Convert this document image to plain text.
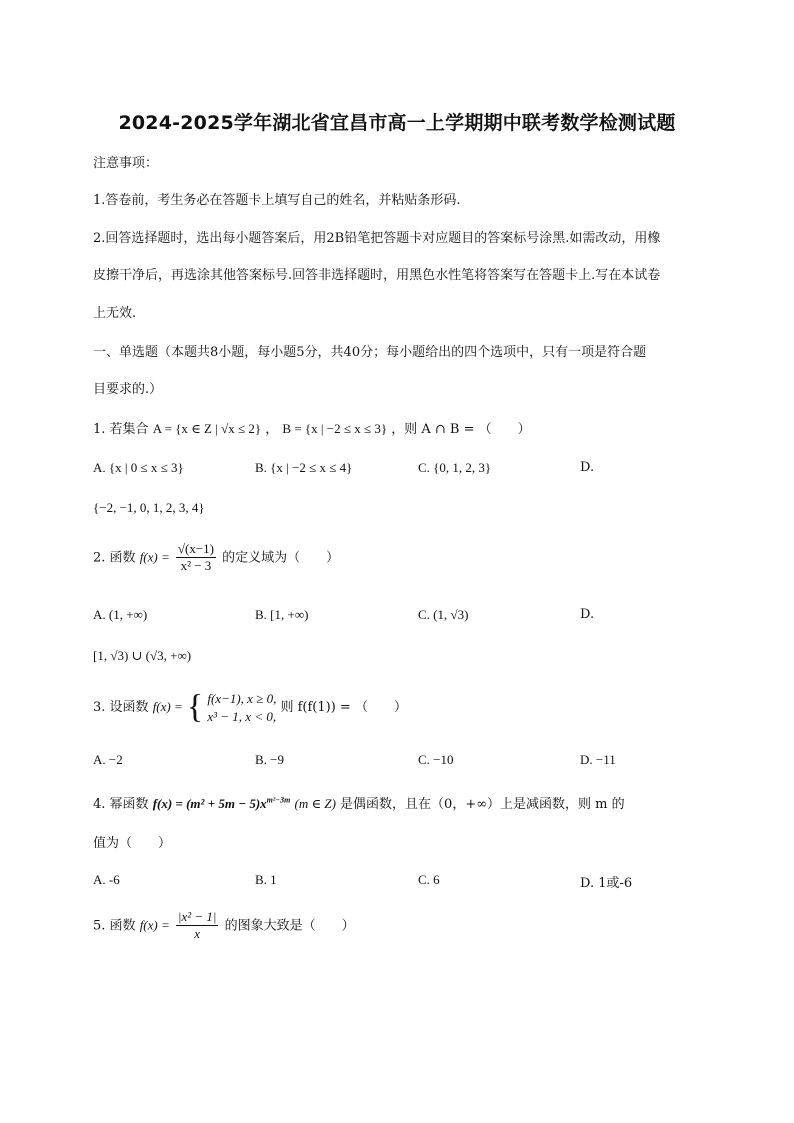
2024-2025学年湖北省宜昌市高一上学期期中联考数学检测试题
注意事项：
1.答卷前，考生务必在答题卡上填写自己的姓名，并粘贴条形码.
2.回答选择题时，选出每小题答案后，用2B铅笔把答题卡对应题目的答案标号涂黑.如需改动，用橡
皮擦干净后，再选涂其他答案标号.回答非选择题时，用黑色水性笔将答案写在答题卡上.写在本试卷
上无效.
一、单选题（本题共8小题，每小题5分，共40分；每小题给出的四个选项中，只有一项是符合题
目要求的.）
1. 若集合 A = {x ∈ Z | √x ≤ 2} ， B = {x | −2 ≤ x ≤ 3} ，则 A ∩ B = （　　）
A. {x | 0 ≤ x ≤ 3}	B. {x | −2 ≤ x ≤ 4}	C. {0, 1, 2, 3}	D.
{−2, −1, 0, 1, 2, 3, 4}
2. 函数 $f(x) = \frac{√(x-1)}{\text{x² − 3}}$ 的定义域为（　　）
A. (1, +∞)	B. [1, +∞)	C. (1, √3)	D.
[1, √3) ∪ (√3, +∞)
3. 设函数 f(x) = { f(x−1), x ≥ 0,
x³ − 1, x < 0,
则 f(f(1)) = （　　）
A. −2	B. −9	C. −10	D. −11
4. 幂函数 $f(x) = (m^2 + 5m - 5)x^{m^2-3m}$ (m ∈ Z) 是偶函数，且在（0，+∞）上是减函数，则 m 的
值为（　　）
A. -6	B. 1	C. 6	D. 1或-6
5. 函数 $f(x) = \frac{\text{|x² − 1|}}{x}$ 的图象大致是（　　）
